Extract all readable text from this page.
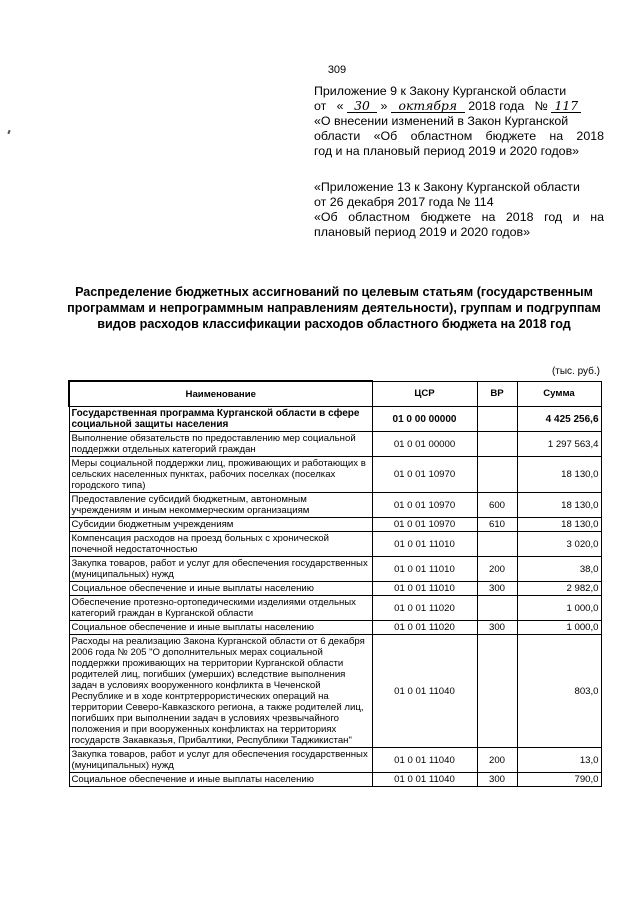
309

Приложение 9 к Закону Курганской области

от « 30 » октября 2018 года № 117

«О внесении изменений в Закон Курганской

области «Об областном бюджете на 2018

год и на плановый период 2019 и 2020 годов»

«Приложение 13 к Закону Курганской области

от 26 декабря 2017 года № 114

«Об областном бюджете на 2018 год и на

плановый период 2019 и 2020 годов»

Распределение бюджетных ассигнований по целевым статьям (государственным программам и непрограммным направлениям деятельности), группам и подгруппам видов расходов классификации расходов областного бюджета на 2018 год
(тыс. руб.)
Наименование	ЦСР	ВР	Сумма
Государственная программа Курганской области в сфере социальной защиты населения	01 0 00 00000		4 425 256,6
Выполнение обязательств по предоставлению мер социальной поддержки отдельных категорий граждан	01 0 01 00000		1 297 563,4
Меры социальной поддержки лиц, проживающих и работающих в сельских населенных пунктах, рабочих поселках (поселках городского типа)	01 0 01 10970		18 130,0
Предоставление субсидий бюджетным, автономным учреждениям и иным некоммерческим организациям	01 0 01 10970	600	18 130,0
Субсидии бюджетным учреждениям	01 0 01 10970	610	18 130,0
Компенсация расходов на проезд больных с хронической почечной недостаточностью	01 0 01 11010		3 020,0
Закупка товаров, работ и услуг для обеспечения государственных (муниципальных) нужд	01 0 01 11010	200	38,0
Социальное обеспечение и иные выплаты населению	01 0 01 11010	300	2 982,0
Обеспечение протезно-ортопедическими изделиями отдельных категорий граждан в Курганской области	01 0 01 11020		1 000,0
Социальное обеспечение и иные выплаты населению	01 0 01 11020	300	1 000,0
Расходы на реализацию Закона Курганской области от 6 декабря 2006 года № 205 "О дополнительных мерах социальной поддержки проживающих на территории Курганской области родителей лиц, погибших (умерших) вследствие выполнения задач в условиях вооруженного конфликта в Чеченской Республике и в ходе контртеррористических операций на территории Северо-Кавказского региона, а также родителей лиц, погибших при выполнении задач в условиях чрезвычайного положения и при вооруженных конфликтах на территориях государств Закавказья, Прибалтики, Республики Таджикистан"	01 0 01 11040		803,0
Закупка товаров, работ и услуг для обеспечения государственных (муниципальных) нужд	01 0 01 11040	200	13,0
Социальное обеспечение и иные выплаты населению	01 0 01 11040	300	790,0
